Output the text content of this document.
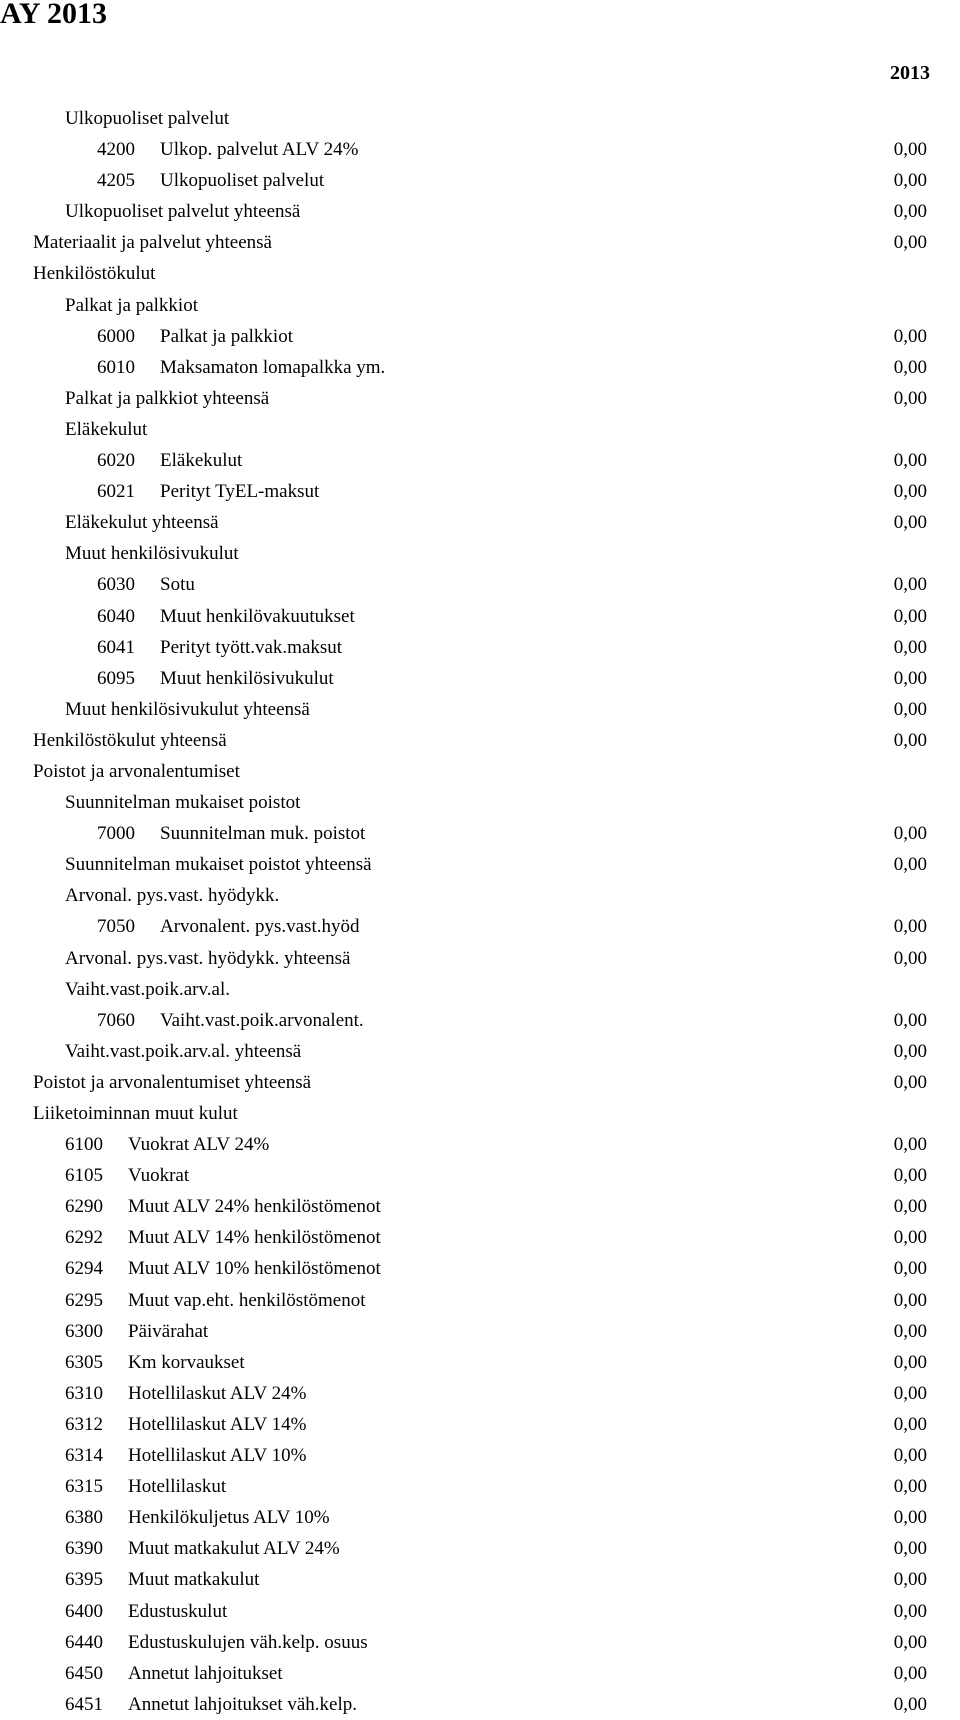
AY 2013
2013
Ulkopuoliset palvelut
4200 Ulkop. palvelut ALV 24%	0,00
4205 Ulkopuoliset palvelut	0,00
Ulkopuoliset palvelut yhteensä	0,00
Materiaalit ja palvelut yhteensä	0,00
Henkilöstökulut
Palkat ja palkkiot
6000 Palkat ja palkkiot	0,00
6010 Maksamaton lomapalkka ym.	0,00
Palkat ja palkkiot yhteensä	0,00
Eläkekulut
6020 Eläkekulut	0,00
6021 Perityt TyEL-maksut	0,00
Eläkekulut yhteensä	0,00
Muut henkilösivukulut
6030 Sotu	0,00
6040 Muut henkilövakuutukset	0,00
6041 Perityt tyött.vak.maksut	0,00
6095 Muut henkilösivukulut	0,00
Muut henkilösivukulut yhteensä	0,00
Henkilöstökulut yhteensä	0,00
Poistot ja arvonalentumiset
Suunnitelman mukaiset poistot
7000 Suunnitelman muk. poistot	0,00
Suunnitelman mukaiset poistot yhteensä	0,00
Arvonal. pys.vast. hyödykk.
7050 Arvonalent. pys.vast.hyöd	0,00
Arvonal. pys.vast. hyödykk. yhteensä	0,00
Vaiht.vast.poik.arv.al.
7060 Vaiht.vast.poik.arvonalent.	0,00
Vaiht.vast.poik.arv.al. yhteensä	0,00
Poistot ja arvonalentumiset yhteensä	0,00
Liiketoiminnan muut kulut
6100 Vuokrat ALV 24%	0,00
6105 Vuokrat	0,00
6290 Muut ALV 24% henkilöstömenot	0,00
6292 Muut ALV 14% henkilöstömenot	0,00
6294 Muut ALV 10% henkilöstömenot	0,00
6295 Muut vap.eht. henkilöstömenot	0,00
6300 Päivärahat	0,00
6305 Km korvaukset	0,00
6310 Hotellilaskut ALV 24%	0,00
6312 Hotellilaskut ALV 14%	0,00
6314 Hotellilaskut ALV 10%	0,00
6315 Hotellilaskut	0,00
6380 Henkilökuljetus ALV 10%	0,00
6390 Muut matkakulut ALV 24%	0,00
6395 Muut matkakulut	0,00
6400 Edustuskulut	0,00
6440 Edustuskulujen väh.kelp. osuus	0,00
6450 Annetut lahjoitukset	0,00
6451 Annetut lahjoitukset väh.kelp.	0,00
